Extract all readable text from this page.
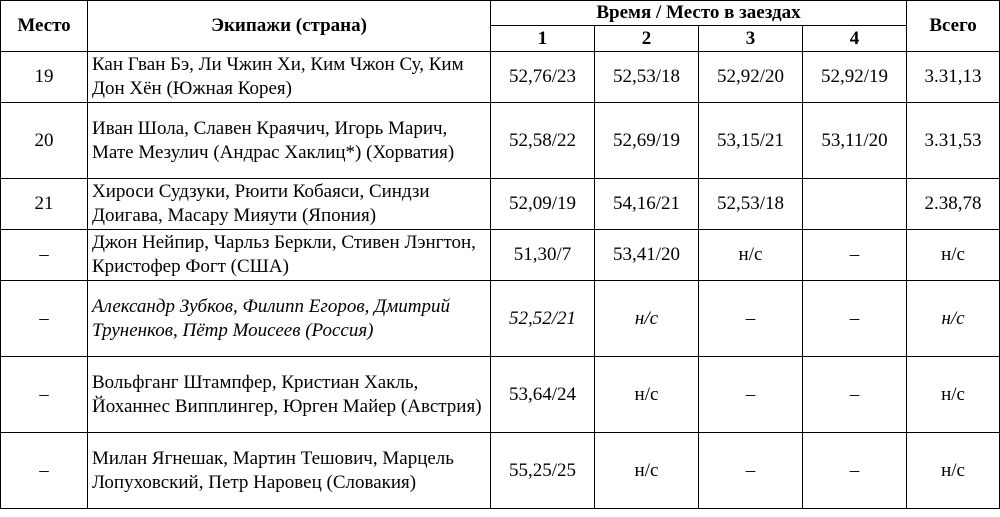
Место	Экипажи (страна)	Время / Место в заездах				Всего
		1	2	3	4	
19	Кан Гван Бэ, Ли Чжин Хи, Ким Чжон Су, Ким Дон Хён (Южная Корея)	52,76/23	52,53/18	52,92/20	52,92/19	3.31,13
20	Иван Шола, Славен Краячич, Игорь Марич, Мате Мезулич (Андрас Хаклиц*) (Хорватия)	52,58/22	52,69/19	53,15/21	53,11/20	3.31,53
21	Хироси Судзуки, Рюити Кобаяси, Синдзи Доигава, Масару Мияути (Япония)	52,09/19	54,16/21	52,53/18		2.38,78
–	Джон Нейпир, Чарльз Беркли, Стивен Лэнгтон, Кристофер Фогт (США)	51,30/7	53,41/20	н/с	–	н/с
–	Александр Зубков, Филипп Егоров, Дмитрий Труненков, Пётр Моисеев (Россия)	52,52/21	н/с	–	–	н/с
–	Вольфганг Штампфер, Кристиан Хакль, Йоханнес Випплингер, Юрген Майер (Австрия)	53,64/24	н/с	–	–	н/с
–	Милан Ягнешак, Мартин Тешович, Марцель Лопуховский, Петр Наровец (Словакия)	55,25/25	н/с	–	–	н/с
